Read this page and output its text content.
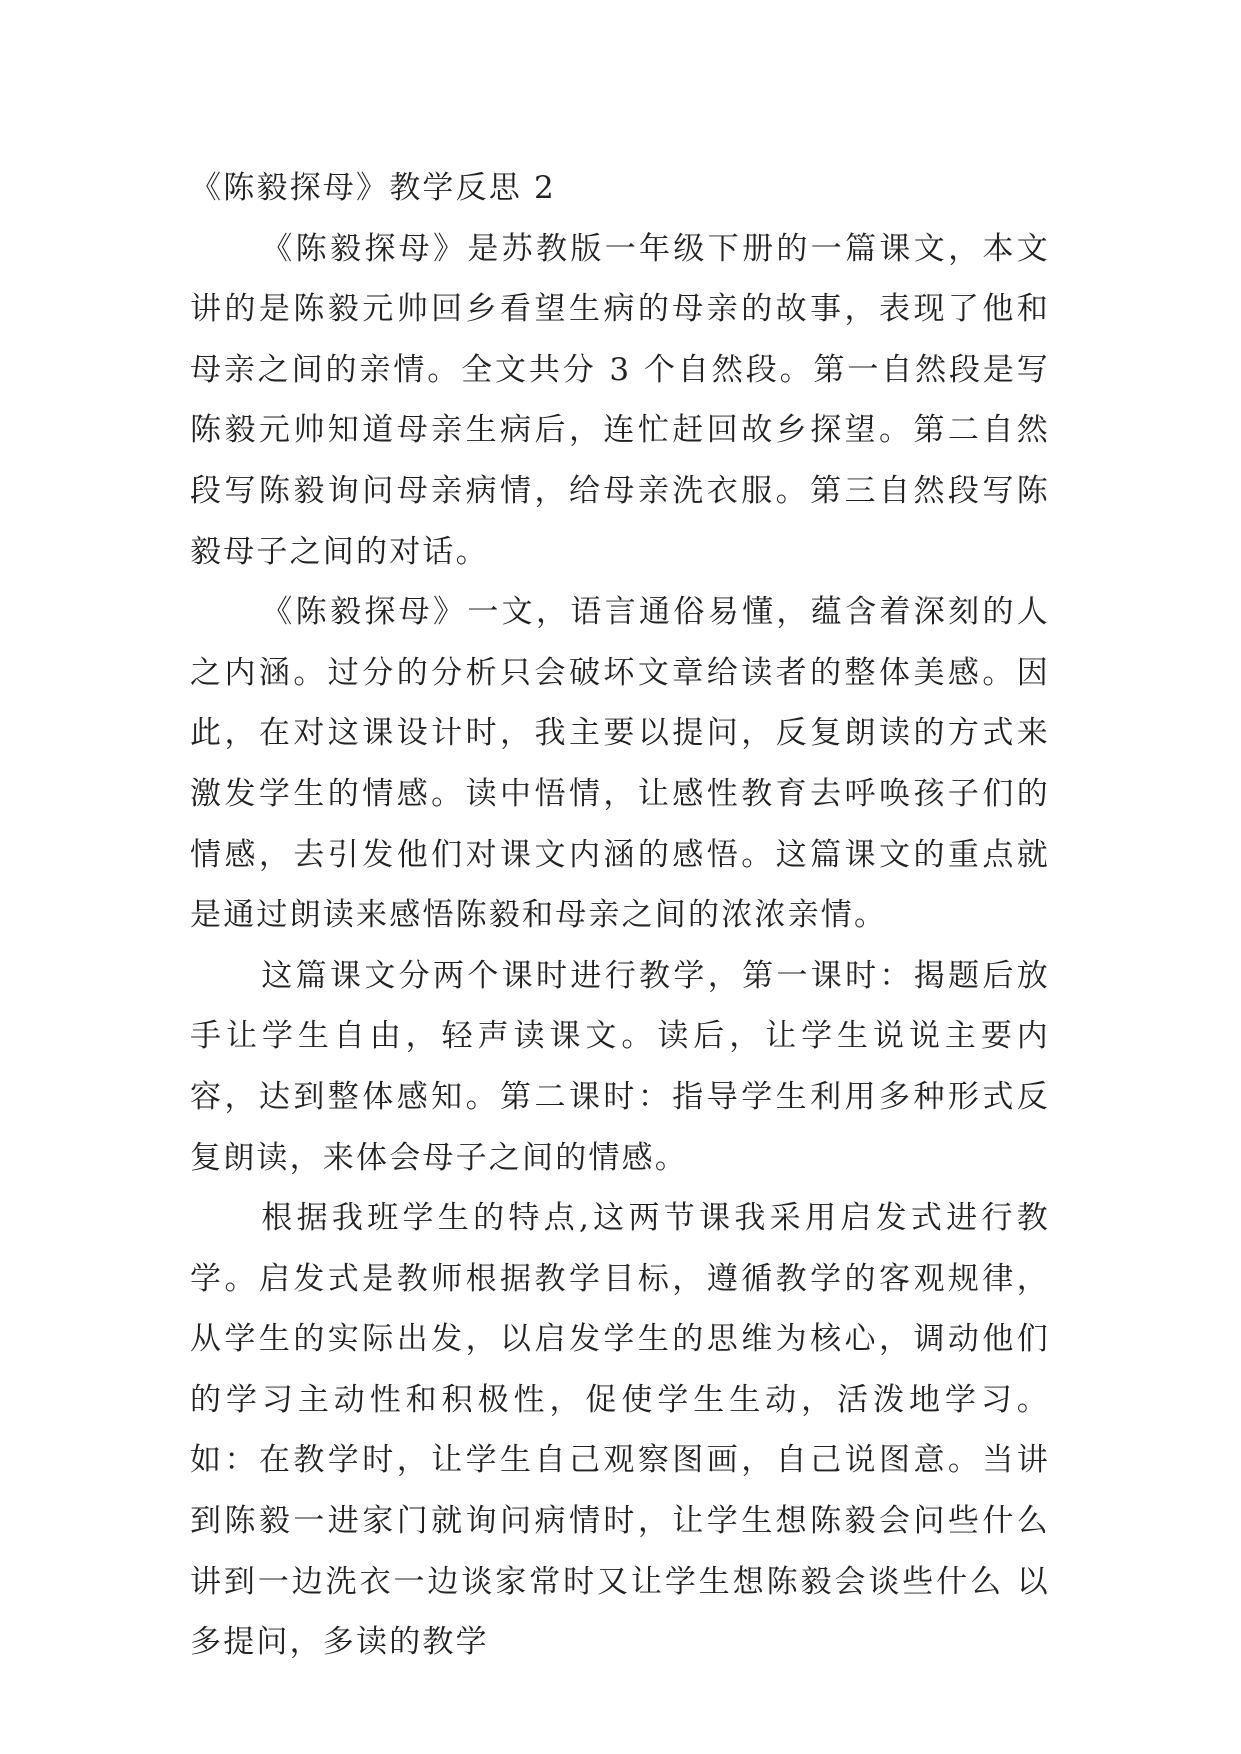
《陈毅探母》教学反思 2

《陈毅探母》是苏教版一年级下册的一篇课文，本文讲的是陈毅元帅回乡看望生病的母亲的故事，表现了他和母亲之间的亲情。全文共分 3 个自然段。第一自然段是写陈毅元帅知道母亲生病后，连忙赶回故乡探望。第二自然段写陈毅询问母亲病情，给母亲洗衣服。第三自然段写陈毅母子之间的对话。

《陈毅探母》一文，语言通俗易懂，蕴含着深刻的人之内涵。过分的分析只会破坏文章给读者的整体美感。因此，在对这课设计时，我主要以提问，反复朗读的方式来激发学生的情感。读中悟情，让感性教育去呼唤孩子们的情感，去引发他们对课文内涵的感悟。这篇课文的重点就是通过朗读来感悟陈毅和母亲之间的浓浓亲情。

这篇课文分两个课时进行教学，第一课时：揭题后放手让学生自由，轻声读课文。读后，让学生说说主要内容，达到整体感知。第二课时：指导学生利用多种形式反复朗读，来体会母子之间的情感。

根据我班学生的特点,这两节课我采用启发式进行教学。启发式是教师根据教学目标，遵循教学的客观规律，从学生的实际出发，以启发学生的思维为核心，调动他们的学习主动性和积极性，促使学生生动，活泼地学习。如：在教学时，让学生自己观察图画，自己说图意。当讲到陈毅一进家门就询问病情时，让学生想陈毅会问些什么讲到一边洗衣一边谈家常时又让学生想陈毅会谈些什么 以多提问，多读的教学
